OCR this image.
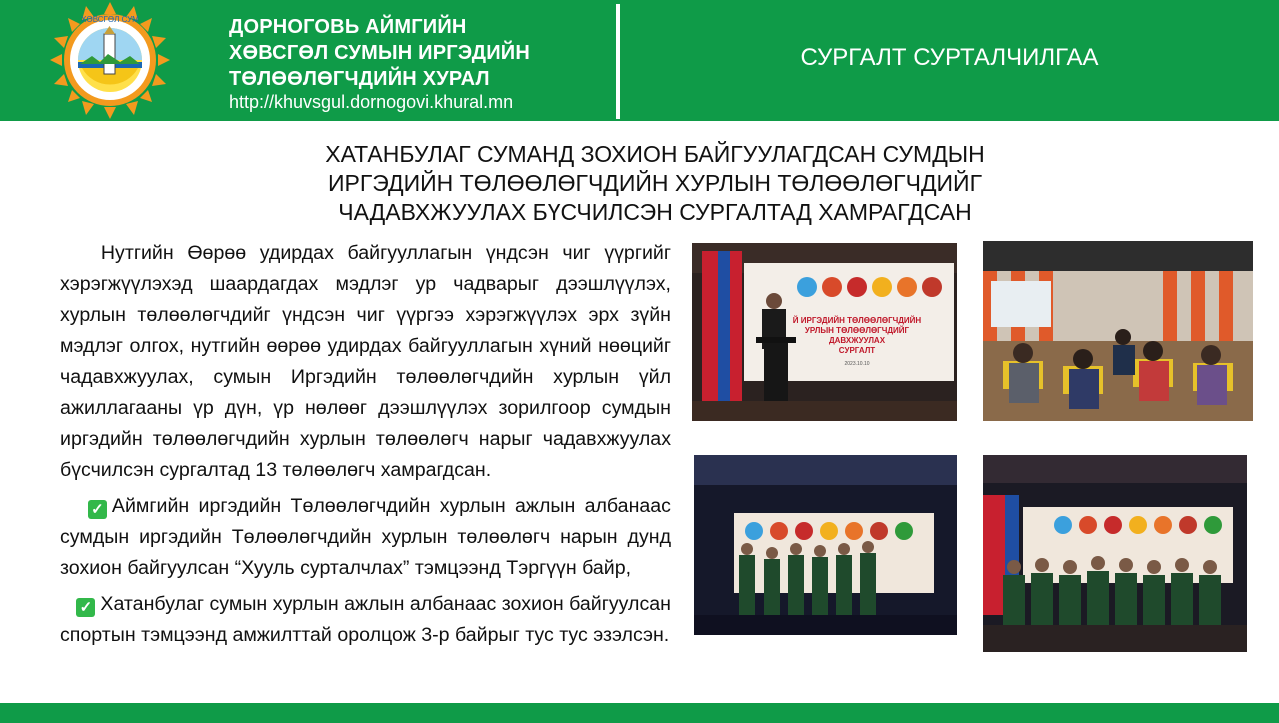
ХӨВСГӨЛ СУМ	ДОРНОГОВЬ АЙМГИЙН
ХӨВСГӨЛ СУМЫН ИРГЭДИЙН
ТӨЛӨӨЛӨГЧДИЙН ХУРАЛ
http://khuvsgul.dornogovi.khural.mn
СУРГАЛТ СУРТАЛЧИЛГАА
ХАТАНБУЛАГ СУМАНД ЗОХИОН БАЙГУУЛАГДСАН СУМДЫН
ИРГЭДИЙН ТӨЛӨӨЛӨГЧДИЙН ХУРЛЫН ТӨЛӨӨЛӨГЧДИЙГ
ЧАДАВХЖУУЛАХ БҮСЧИЛСЭН СУРГАЛТАД ХАМРАГДСАН

Нутгийн Өөрөө удирдах байгууллагын үндсэн чиг үүргийг хэрэгжүүлэхэд шаардагдах мэдлэг ур чадварыг дээшлүүлэх, хурлын төлөөлөгчдийг үндсэн чиг үүргээ хэрэгжүүлэх эрх зүйн мэдлэг олгох, нутгийн өөрөө удирдах байгууллагын хүний нөөцийг чадавхжуулах, сумын Иргэдийн төлөөлөгчдийн хурлын үйл ажиллагааны үр дүн, үр нөлөөг дээшлүүлэх зорилгоор сумдын иргэдийн төлөөлөгчдийн хурлын төлөөлөгч нарыг чадавхжуулах бүсчилсэн сургалтад 13 төлөөлөгч хамрагдсан.

✓ Аймгийн иргэдийн Төлөөлөгчдийн хурлын ажлын албанаас сумдын иргэдийн Төлөөлөгчдийн хурлын төлөөлөгч нарын дунд зохион байгуулсан “Хууль сурталчлах” тэмцээнд Тэргүүн байр,

✓ Хатанбулаг сумын хурлын ажлын албанаас зохион байгуулсан спортын тэмцээнд амжилттай оролцож 3-р байрыг тус тус эзэлсэн.

Й ИРГЭДИЙН ТӨЛӨӨЛӨГЧДИЙН
УРЛЫН ТӨЛӨӨЛӨГЧДИЙГ
ДАВХЖУУЛАХ
СУРГАЛТ
2023.10.10
